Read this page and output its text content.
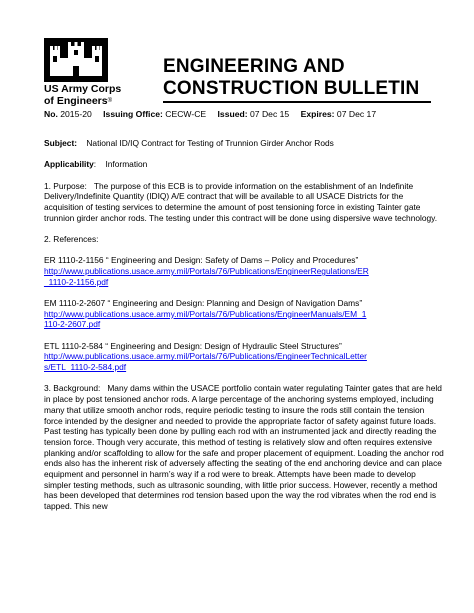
US Army Corps
of Engineers®
ENGINEERING AND
CONSTRUCTION BULLETIN
No. 2015-20 Issuing Office: CECW-CE Issued: 07 Dec 15 Expires: 07 Dec 17

Subject: National ID/IQ Contract for Testing of Trunnion Girder Anchor Rods

Applicability:    Information

1. Purpose: The purpose of this ECB is to provide information on the establishment of an Indefinite Delivery/Indefinite Quantity (IDIQ) A/E contract that will be available to all USACE Districts for the acquisition of testing services to determine the amount of post tensioning force in existing Tainter gate trunnion girder anchor rods. The testing under this contract will be done using dispersive wave technology.

2. References:

ER 1110-2-1156 “ Engineering and Design: Safety of Dams – Policy and Procedures”
http://www.publications.usace.army.mil/Portals/76/Publications/EngineerRegulations/ER
_1110-2-1156.pdf

EM 1110-2-2607 “ Engineering and Design: Planning and Design of Navigation Dams”
http://www.publications.usace.army.mil/Portals/76/Publications/EngineerManuals/EM_1
110-2-2607.pdf

ETL 1110-2-584 “ Engineering and Design: Design of Hydraulic Steel Structures”
http://www.publications.usace.army.mil/Portals/76/Publications/EngineerTechnicalLetter
s/ETL_1110-2-584.pdf

3. Background: Many dams within the USACE portfolio contain water regulating Tainter gates that are held in place by post tensioned anchor rods. A large percentage of the anchoring systems employed, including many that utilize smooth anchor rods, require periodic testing to insure the rods still contain the tension force intended by the designer and needed to provide the appropriate factor of safety against future loads. Past testing has typically been done by pulling each rod with an instrumented jack and directly reading the tension force. Though very accurate, this method of testing is relatively slow and often requires extensive planking and/or scaffolding to allow for the safe and proper placement of equipment. Loading the anchor rod ends also has the inherent risk of adversely affecting the seating of the end anchoring device and can place equipment and personnel in harm’s way if a rod were to break. Attempts have been made to develop simpler testing methods, such as ultrasonic sounding, with little prior success. However, recently a method has been developed that determines rod tension based upon the way the rod vibrates when the rod end is tapped. This new
